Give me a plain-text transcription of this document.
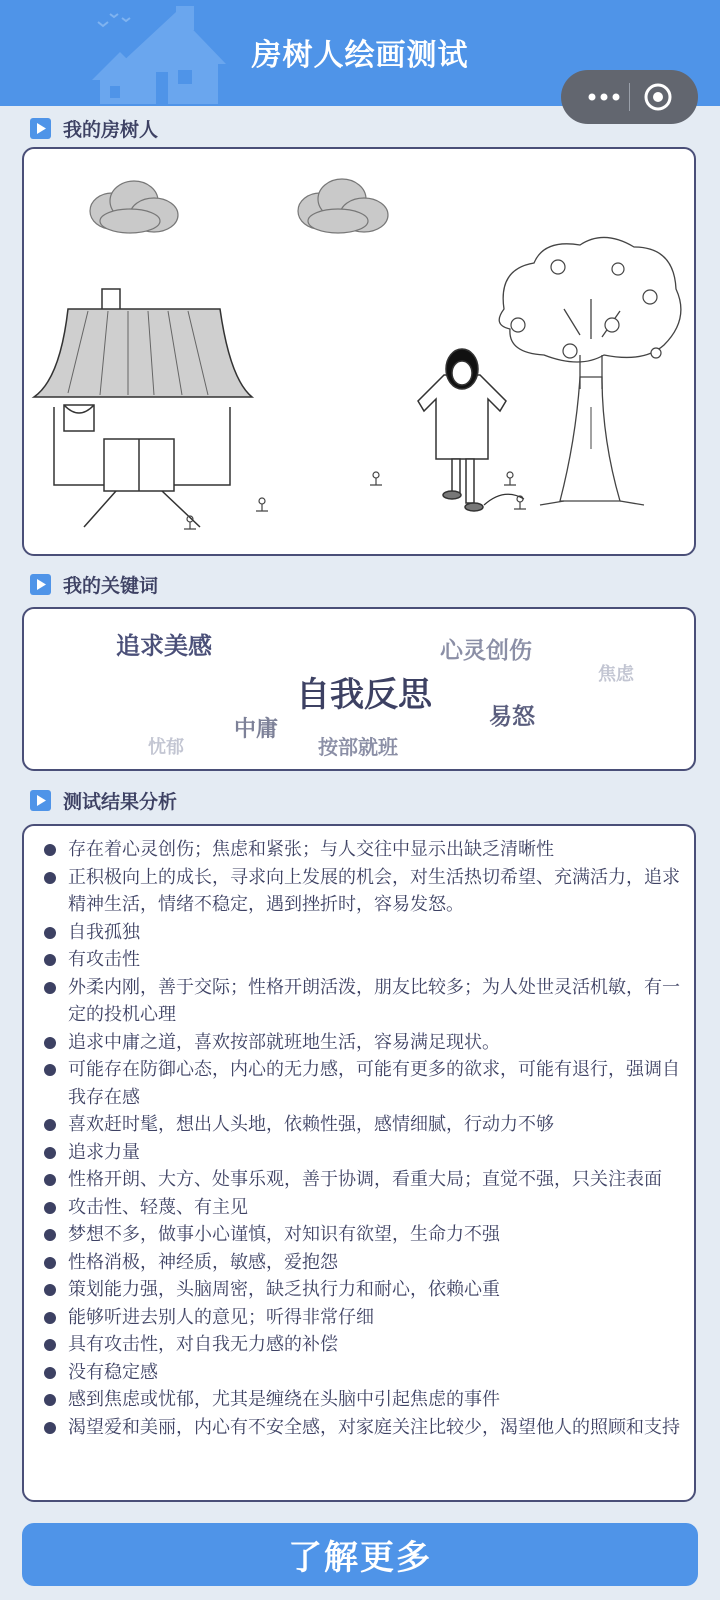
房树人绘画测试
我的房树人
我的关键词
追求美感	心灵创伤
焦虑
自我反思
易怒
中庸
忧郁	按部就班
测试结果分析
存在着心灵创伤；焦虑和紧张；与人交往中显示出缺乏清晰性
正积极向上的成长，寻求向上发展的机会，对生活热切希望、充满活力，追求精神生活，情绪不稳定，遇到挫折时，容易发怒。
自我孤独
有攻击性
外柔内刚，善于交际；性格开朗活泼，朋友比较多；为人处世灵活机敏，有一定的投机心理
追求中庸之道，喜欢按部就班地生活，容易满足现状。
可能存在防御心态，内心的无力感，可能有更多的欲求，可能有退行，强调自我存在感
喜欢赶时髦，想出人头地，依赖性强，感情细腻，行动力不够
追求力量
性格开朗、大方、处事乐观，善于协调，看重大局；直觉不强，只关注表面
攻击性、轻蔑、有主见
梦想不多，做事小心谨慎，对知识有欲望，生命力不强
性格消极，神经质，敏感，爱抱怨
策划能力强，头脑周密，缺乏执行力和耐心，依赖心重
能够听进去别人的意见；听得非常仔细
具有攻击性，对自我无力感的补偿
没有稳定感
感到焦虑或忧郁，尤其是缠绕在头脑中引起焦虑的事件
渴望爱和美丽，内心有不安全感，对家庭关注比较少，渴望他人的照顾和支持
了解更多
